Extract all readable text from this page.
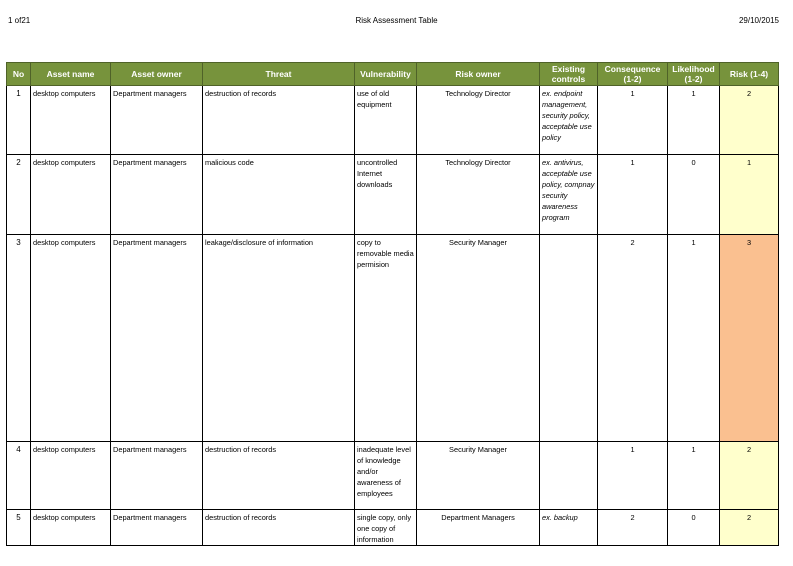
1 of21	Risk Assessment Table	29/10/2015
No	Asset name	Asset owner	Threat	Vulnerability	Risk owner	Existing controls	Consequence (1-2)	Likelihood (1-2)	Risk (1-4)
1	desktop computers	Department managers	destruction of records	use of old equipment	Technology Director	ex. endpoint management, security policy, acceptable use policy	1	1	2
2	desktop computers	Department managers	malicious code	uncontrolled Internet downloads	Technology Director	ex. antivirus, acceptable use policy, compnay security awareness program	1	0	1
3	desktop computers	Department managers	leakage/disclosure of information	copy to removable media permision	Security Manager		2	1	3
4	desktop computers	Department managers	destruction of records	inadequate level of knowledge and/or awareness of employees	Security Manager		1	1	2
5	desktop computers	Department managers	destruction of records	single copy, only one copy of information	Department Managers	ex. backup	2	0	2
